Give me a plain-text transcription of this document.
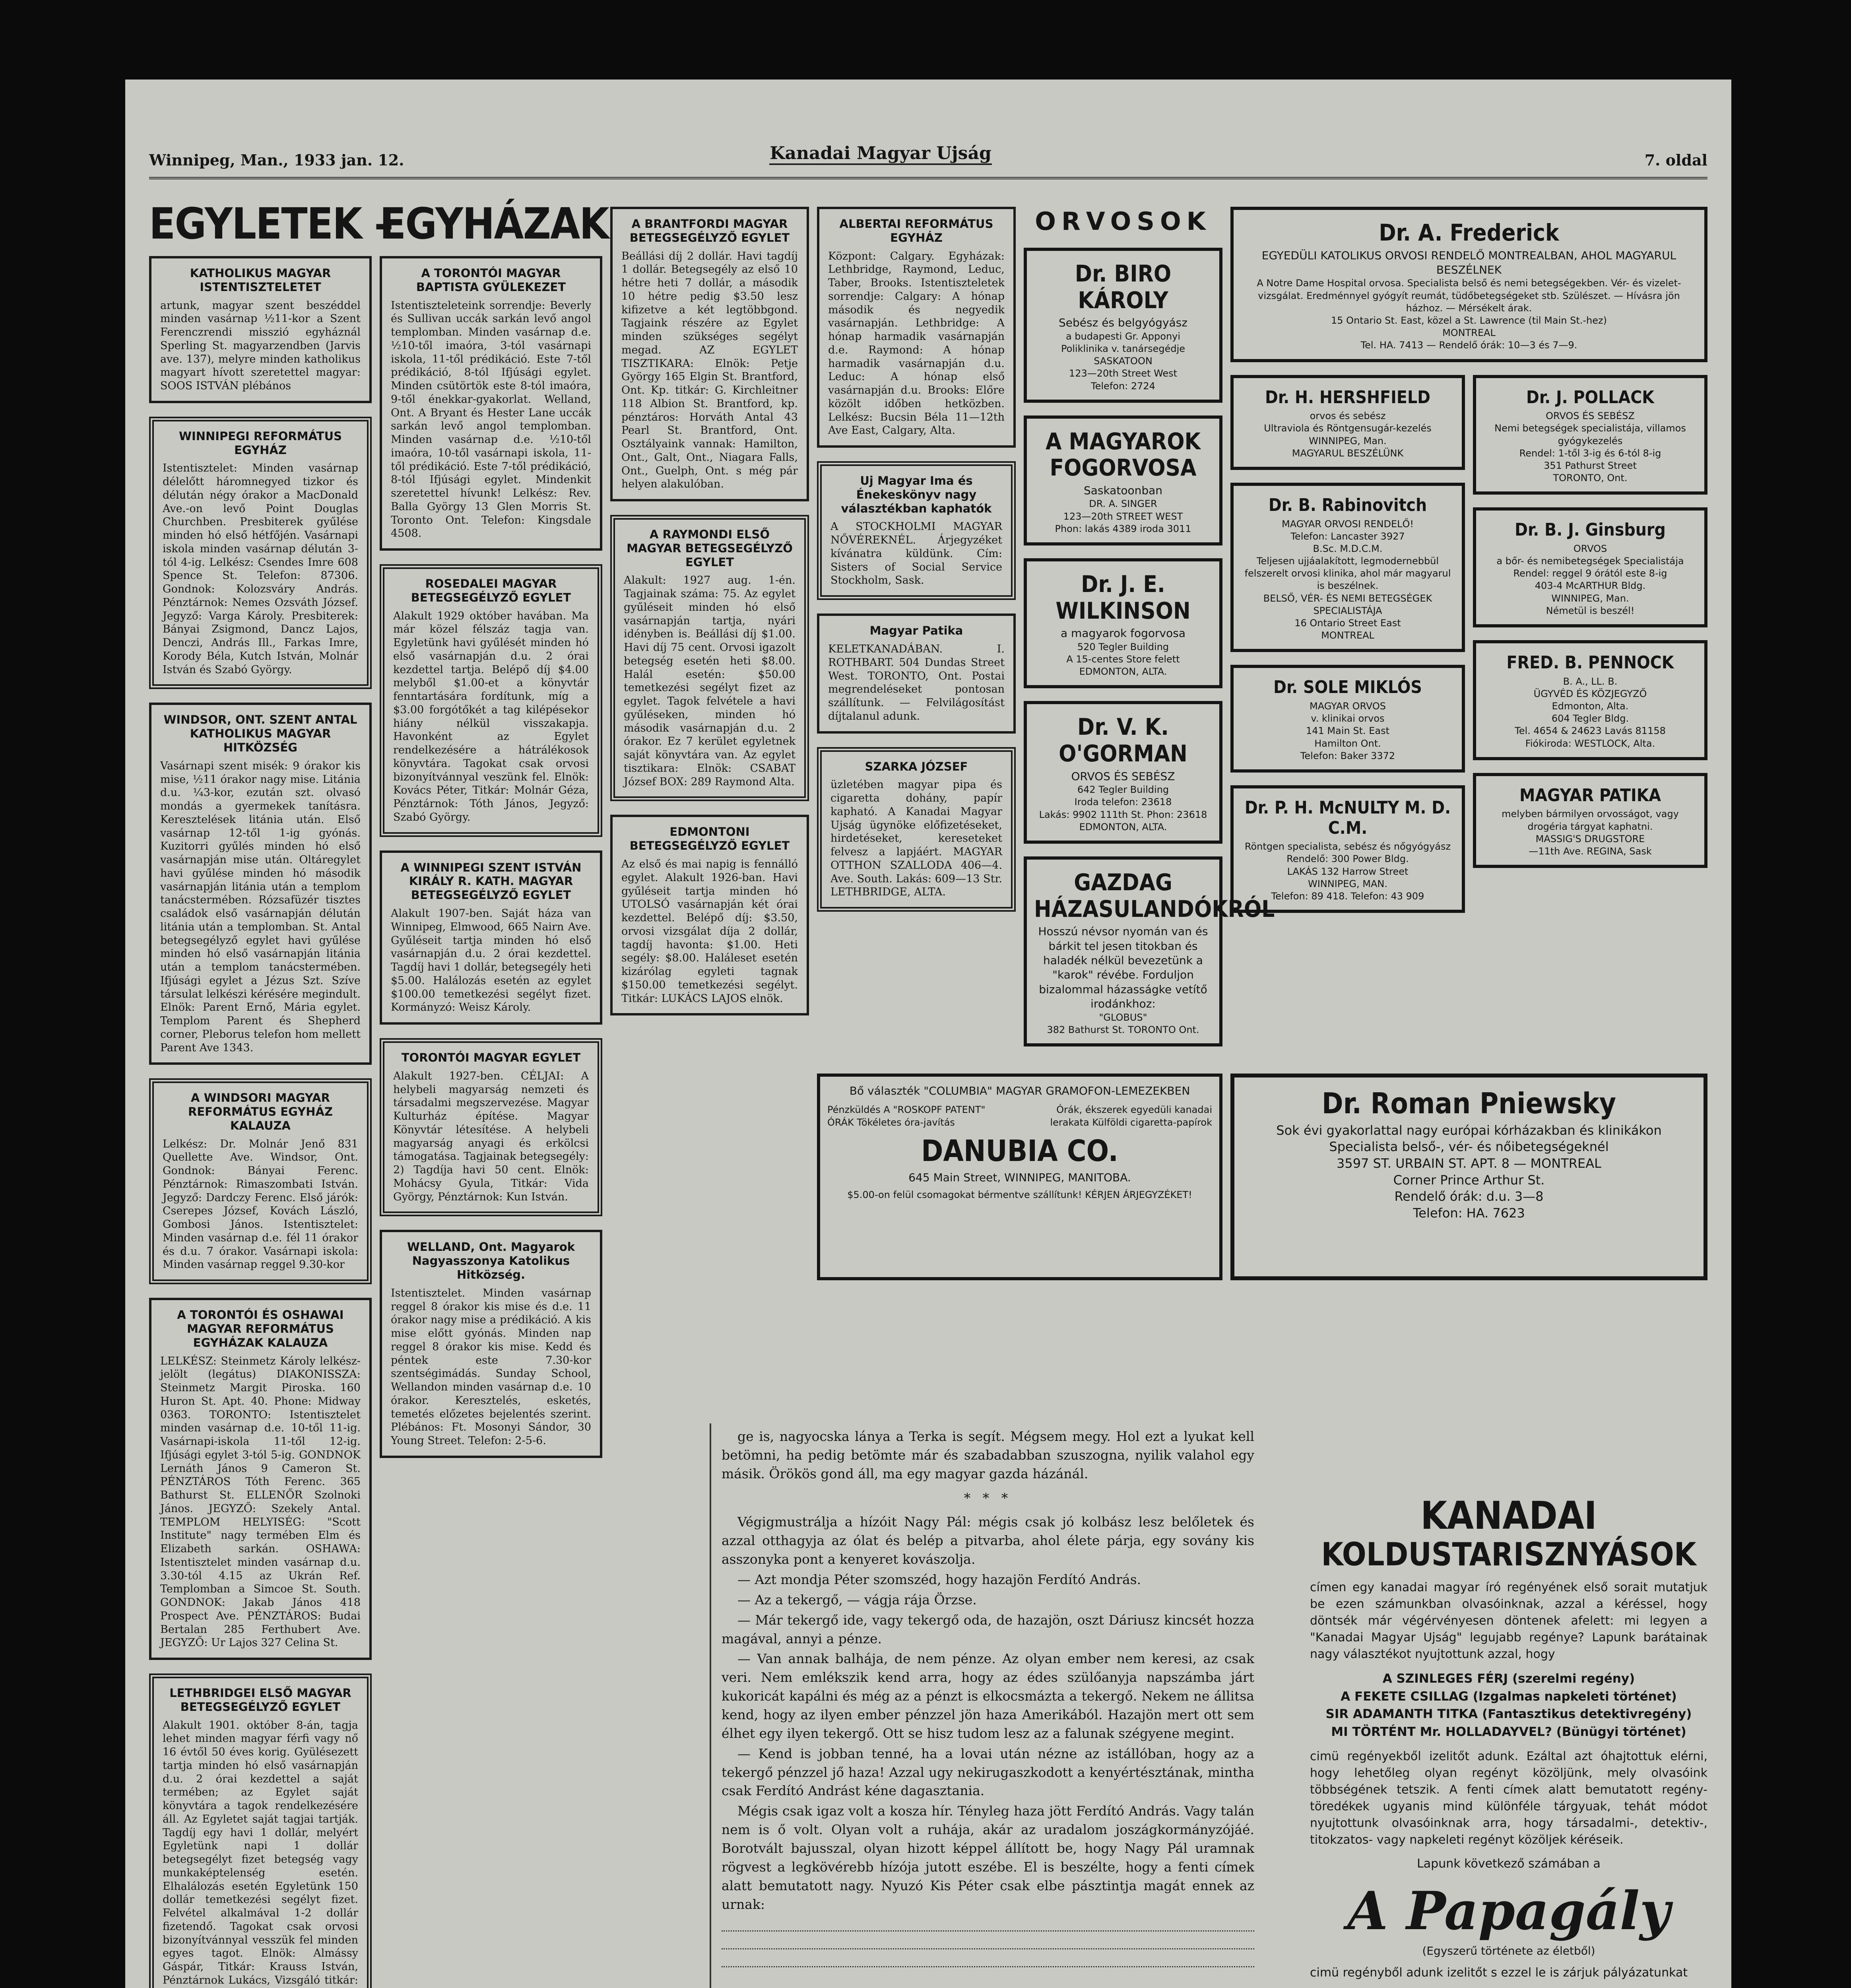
Winnipeg, Man., 1933 jan. 12.	Kanadai Magyar Ujság	7. oldal
EGYLETEK –
KATHOLIKUS MAGYAR ISTENTISZTELETET

artunk, magyar szent beszéddel minden vasárnap ½11-kor a Szent Ferenczrendi misszió egyháznál Sperling St. magyarzendben (Jarvis ave. 137), melyre minden katholikus magyart hívott szeretettel magyar: SOOS ISTVÁN plébános

WINNIPEGI REFORMÁTUS EGYHÁZ

Istentisztelet: Minden vasárnap délelőtt háromnegyed tizkor és délután négy órakor a MacDonald Ave.-on levő Point Douglas Churchben. Presbiterek gyűlése minden hó első hétfőjén. Vasárnapi iskola minden vasárnap délután 3-tól 4-ig. Lelkész: Csendes Imre 608 Spence St. Telefon: 87306. Gondnok: Kolozsváry András. Pénztárnok: Nemes Ozsváth József. Jegyző: Varga Károly. Presbiterek: Bányai Zsigmond, Dancz Lajos, Denczi, András Ill., Farkas Imre, Korody Béla, Kutch István, Molnár István és Szabó György.

WINDSOR, ONT. SZENT ANTAL KATHOLIKUS MAGYAR HITKÖZSÉG

Vasárnapi szent misék: 9 órakor kis mise, ½11 órakor nagy mise. Litánia d.u. ¼3-kor, ezután szt. olvasó mondás a gyermekek tanításra. Keresztelések litánia után. Első vasárnap 12-től 1-ig gyónás. Kuzitorri gyűlés minden hó első vasárnapján mise után. Oltáregylet havi gyűlése minden hó második vasárnapján litánia után a templom tanácstermében. Rózsafüzér tisztes családok első vasárnapján délután litánia után a templomban. St. Antal betegsegélyző egylet havi gyűlése minden hó első vasárnapján litánia után a templom tanácstermében. Ifjúsági egylet a Jézus Szt. Szíve társulat lelkészi kérésére megindult. Elnök: Parent Ernő, Mária egylet. Templom Parent és Shepherd corner, Pleborus telefon hom mellett Parent Ave 1343.

A WINDSORI MAGYAR REFORMÁTUS EGYHÁZ KALAUZA

Lelkész: Dr. Molnár Jenő 831 Quellette Ave. Windsor, Ont. Gondnok: Bányai Ferenc. Pénztárnok: Rimaszombati István. Jegyző: Dardczy Ferenc. Első járók: Cserepes József, Kovách László, Gombosi János. Istentisztelet: Minden vasárnap d.e. fél 11 órakor és d.u. 7 órakor. Vasárnapi iskola: Minden vasárnap reggel 9.30-kor

A TORONTÓI ÉS OSHAWAI MAGYAR REFORMÁTUS EGYHÁZAK KALAUZA

LELKÉSZ: Steinmetz Károly lelkész-jelölt (legátus) DIAKONISSZA: Steinmetz Margit Piroska. 160 Huron St. Apt. 40. Phone: Midway 0363. TORONTO: Istentisztelet minden vasárnap d.e. 10-től 11-ig. Vasárnapi-iskola 11-től 12-ig. Ifjúsági egylet 3-tól 5-ig. GONDNOK Lernáth János 9 Cameron St. PÉNZTÁROS Tóth Ferenc. 365 Bathurst St. ELLENŐR Szolnoki János. JEGYZŐ: Szekely Antal. TEMPLOM HELYISÉG: "Scott Institute" nagy termében Elm és Elizabeth sarkán. OSHAWA: Istentisztelet minden vasárnap d.u. 3.30-tól 4.15 az Ukrán Ref. Templomban a Simcoe St. South. GONDNOK: Jakab János 418 Prospect Ave. PÉNZTÁROS: Budai Bertalan 285 Ferthubert Ave. JEGYZŐ: Ur Lajos 327 Celina St.

LETHBRIDGEI ELSŐ MAGYAR BETEGSEGÉLYZŐ EGYLET

Alakult 1901. október 8-án, tagja lehet minden magyar férfi vagy nő 16 évtől 50 éves korig. Gyülésezett tartja minden hó első vasárnapján d.u. 2 órai kezdettel a saját termében; az Egylet saját könyvtára a tagok rendelkezésére áll. Az Egyletet saját tagjai tartják. Tagdíj egy havi 1 dollár, melyért Egyletünk napi 1 dollár betegsegélyt fizet betegség vagy munkaképtelenség esetén. Elhalálozás esetén Egyletünk 150 dollár temetkezési segélyt fizet. Felvétel alkalmával 1-2 dollár fizetendő. Tagokat csak orvosi bizonyítvánnyal vesszük fel minden egyes tagot. Elnök: Almássy Gáspár, Titkár: Krauss István, Pénztárnok Lukács, Vizsgáló titkár:

EGYHÁZAK
A TORONTÓI MAGYAR BAPTISTA GYÜLEKEZET

Istentiszteleteink sorrendje: Beverly és Sullivan uccák sarkán levő angol templomban. Minden vasárnap d.e. ½10-től imaóra, 3-tól vasárnapi iskola, 11-től prédikáció. Este 7-től prédikáció, 8-tól Ifjúsági egylet. Minden csütörtök este 8-tól imaóra, 9-től énekkar-gyakorlat. Welland, Ont. A Bryant és Hester Lane uccák sarkán levő angol templomban. Minden vasárnap d.e. ½10-től imaóra, 10-től vasárnapi iskola, 11-től prédikáció. Este 7-től prédikáció, 8-tól Ifjúsági egylet. Mindenkit szeretettel hívunk! Lelkész: Rev. Balla György 13 Glen Morris St. Toronto Ont. Telefon: Kingsdale 4508.

ROSEDALEI MAGYAR BETEGSEGÉLYZŐ EGYLET

Alakult 1929 október havában. Ma már közel félszáz tagja van. Egyletünk havi gyűlését minden hó első vasárnapján d.u. 2 órai kezdettel tartja. Belépő díj $4.00 melyből $1.00-et a könyvtár fenntartására fordítunk, míg a $3.00 forgótőkét a tag kilépésekor hiány nélkül visszakapja. Havonként az Egylet rendelkezésére a hátrálékosok könyvtára. Tagokat csak orvosi bizonyítvánnyal veszünk fel. Elnök: Kovács Péter, Titkár: Molnár Géza, Pénztárnok: Tóth János, Jegyző: Szabó György.

A WINNIPEGI SZENT ISTVÁN KIRÁLY R. KATH. MAGYAR BETEGSEGÉLYZŐ EGYLET

Alakult 1907-ben. Saját háza van Winnipeg, Elmwood, 665 Nairn Ave. Gyűléseit tartja minden hó első vasárnapján d.u. 2 órai kezdettel. Tagdíj havi 1 dollár, betegsegély heti $5.00. Halálozás esetén az egylet $100.00 temetkezési segélyt fizet. Kormányzó: Weisz Károly.

TORONTÓI MAGYAR EGYLET

Alakult 1927-ben. CÉLJAI: A helybeli magyarság nemzeti és társadalmi megszervezése. Magyar Kulturház építése. Magyar Könyvtár létesítése. A helybeli magyarság anyagi és erkölcsi támogatása. Tagjainak betegsegély: 2) Tagdíja havi 50 cent. Elnök: Mohácsy Gyula, Titkár: Vida György, Pénztárnok: Kun István.

WELLAND, Ont. Magyarok Nagyasszonya Katolikus Hitközség.

Istentisztelet. Minden vasárnap reggel 8 órakor kis mise és d.e. 11 órakor nagy mise a prédikáció. A kis mise előtt gyónás. Minden nap reggel 8 órakor kis mise. Kedd és péntek este 7.30-kor szentségimádás. Sunday School, Wellandon minden vasárnap d.e. 10 órakor. Keresztelés, esketés, temetés előzetes bejelentés szerint. Plébános: Ft. Mosonyi Sándor, 30 Young Street. Telefon: 2-5-6.

A BRANTFORDI MAGYAR BETEGSEGÉLYZŐ EGYLET

Beállási díj 2 dollár. Havi tagdíj 1 dollár. Betegsegély az első 10 hétre heti 7 dollár, a második 10 hétre pedig $3.50 lesz kifizetve a két legtöbbgond. Tagjaink részére az Egylet minden szükséges segélyt megad. AZ EGYLET TISZTIKARA: Elnök: Petje György 165 Elgin St. Brantford, Ont. Kp. titkár: G. Kirchleitner 118 Albion St. Brantford, kp. pénztáros: Horváth Antal 43 Pearl St. Brantford, Ont. Osztályaink vannak: Hamilton, Ont., Galt, Ont., Niagara Falls, Ont., Guelph, Ont. s még pár helyen alakulóban.

A RAYMONDI ELSŐ MAGYAR BETEGSEGÉLYZŐ EGYLET

Alakult: 1927 aug. 1-én. Tagjainak száma: 75. Az egylet gyűléseit minden hó első vasárnapján tartja, nyári idényben is. Beállási díj $1.00. Havi díj 75 cent. Orvosi igazolt betegség esetén heti $8.00. Halál esetén: $50.00 temetkezési segélyt fizet az egylet. Tagok felvétele a havi gyűléseken, minden hó második vasárnapján d.u. 2 órakor. Ez 7 kerület egyletnek saját könyvtára van. Az egylet tisztikara: Elnök: CSABAT József BOX: 289 Raymond Alta.

EDMONTONI BETEGSEGÉLYZŐ EGYLET

Az első és mai napig is fennálló egylet. Alakult 1926-ban. Havi gyűléseit tartja minden hó UTOLSÓ vasárnapján két órai kezdettel. Belépő díj: $3.50, orvosi vizsgálat díja 2 dollár, tagdíj havonta: $1.00. Heti segély: $8.00. Haláleset esetén kizárólag egyleti tagnak $150.00 temetkezési segélyt. Titkár: LUKÁCS LAJOS elnök.

ALBERTAI REFORMÁTUS EGYHÁZ

Központ: Calgary. Egyházak: Lethbridge, Raymond, Leduc, Taber, Brooks. Istentiszteletek sorrendje: Calgary: A hónap második és negyedik vasárnapján. Lethbridge: A hónap harmadik vasárnapján d.e. Raymond: A hónap harmadik vasárnapján d.u. Leduc: A hónap első vasárnapján d.u. Brooks: Előre közölt időben hetközben. Lelkész: Bucsin Béla 11—12th Ave East, Calgary, Alta.

Uj Magyar Ima és Énekeskönyv nagy választékban kaphatók

A STOCKHOLMI MAGYAR NŐVÉREKNÉL. Árjegyzéket kívánatra küldünk. Cím: Sisters of Social Service Stockholm, Sask.

Magyar Patika

KELETKANADÁBAN. I. ROTHBART. 504 Dundas Street West. TORONTO, Ont. Postai megrendeléseket pontosan szállítunk. — Felvilágosítást díjtalanul adunk.

SZARKA JÓZSEF

üzletében magyar pipa és cigaretta dohány, papír kapható. A Kanadai Magyar Ujság ügynöke előfizetéseket, hirdetéseket, kereseteket felvesz a lapjáért. MAGYAR OTTHON SZALLODA 406—4. Ave. South. Lakás: 609—13 Str. LETHBRIDGE, ALTA.

ORVOSOK
Dr. BIRO KÁROLY
Sebész és belgyógyász
a budapesti Gr. Apponyi
Poliklinika v. tanársegédje
SASKATOON
123—20th Street West
Telefon: 2724
A MAGYAROK FOGORVOSA
Saskatoonban
DR. A. SINGER
123—20th STREET WEST
Phon: lakás 4389 iroda 3011
Dr. J. E. WILKINSON
a magyarok fogorvosa
520 Tegler Building
A 15-centes Store felett
EDMONTON, ALTA.
Dr. V. K. O'GORMAN
ORVOS ÉS SEBÉSZ
642 Tegler Building
Iroda telefon: 23618
Lakás: 9902 111th St. Phon: 23618
EDMONTON, ALTA.
GAZDAG HÁZASULANDÓKRÓL
Hosszú névsor nyomán van és bárkit tel jesen titokban és haladék nélkül bevezetünk a "karok" révébe. Forduljon bizalommal házasságke vetítő irodánkhoz:
"GLOBUS"
382 Bathurst St. TORONTO Ont.
Dr. A. Frederick
EGYEDÜLI KATOLIKUS ORVOSI RENDELŐ MONTREALBAN, AHOL MAGYARUL BESZÉLNEK
A Notre Dame Hospital orvosa. Specialista belső és nemi betegségekben. Vér- és vizelet-vizsgálat. Eredménnyel gyógyít reumát, tüdőbetegségeket stb. Szülészet. — Hívásra jön házhoz. — Mérsékelt árak.
15 Ontario St. East, közel a St. Lawrence (til Main St.-hez)
MONTREAL
Tel. HA. 7413 — Rendelő órák: 10—3 és 7—9.
Dr. H. HERSHFIELD
orvos és sebész
Ultraviola és Röntgensugár-kezelés
WINNIPEG, Man.
MAGYARUL BESZÉLÜNK
Dr. B. Rabinovitch
MAGYAR ORVOSI RENDELŐ!
Telefon: Lancaster 3927
B.Sc. M.D.C.M.
Teljesen ujjáalakított, legmodernebbül felszerelt orvosi klinika, ahol már magyarul is beszélnek.
BELSŐ, VÉR- ÉS NEMI BETEGSÉGEK SPECIALISTÁJA
16 Ontario Street East
MONTREAL
Dr. SOLE MIKLÓS
MAGYAR ORVOS
v. klinikai orvos
141 Main St. East
Hamilton Ont.
Telefon: Baker 3372
Dr. P. H. McNULTY M. D. C.M.
Röntgen specialista, sebész és nőgyógyász
Rendelő: 300 Power Bldg.
LAKÁS 132 Harrow Street
WINNIPEG, MAN.
Telefon: 89 418. Telefon: 43 909
Dr. J. POLLACK
ORVOS ÉS SEBÉSZ
Nemi betegségek specialistája, villamos gyógykezelés
Rendel: 1-től 3-ig és 6-tól 8-ig
351 Pathurst Street
TORONTO, Ont.
Dr. B. J. Ginsburg
ORVOS
a bőr- és nemibetegségek Specialistája
Rendel: reggel 9 órától este 8-ig
403-4 McARTHUR Bldg.
WINNIPEG, Man.
Németül is beszél!
FRED. B. PENNOCK
B. A., LL. B.
ÜGYVÉD ÉS KÖZJEGYZŐ
Edmonton, Alta.
604 Tegler Bldg.
Tel. 4654 & 24623 Lavás 81158
Fiókiroda: WESTLOCK, Alta.
MAGYAR PATIKA
melyben bármilyen orvosságot, vagy drogéria tárgyat kaphatni.
MASSIG'S DRUGSTORE
—11th Ave. REGINA, Sask
Bő választék "COLUMBIA" MAGYAR GRAMOFON-LEMEZEKBEN
Pénzküldés A "ROSKOPF PATENT" ÓRÁK Tökéletes óra-javítás
Órák, ékszerek egyedüli kanadai lerakata Külföldi cigaretta-papírok
DANUBIA CO.
645 Main Street, WINNIPEG, MANITOBA.
$5.00-on felül csomagokat bérmentve szállítunk! KÉRJEN ÁRJEGYZÉKET!
Dr. Roman Pniewsky
Sok évi gyakorlattal nagy európai kórházakban és klinikákon
Specialista belső-, vér- és nőibetegségeknél
3597 ST. URBAIN ST. APT. 8 — MONTREAL
Corner Prince Arthur St.
Rendelő órák: d.u. 3—8
Telefon: HA. 7623

ge is, nagyocska lánya a Terka is segít. Mégsem megy. Hol ezt a lyukat kell betömni, ha pedig betömte már és szabadabban szuszogna, nyilik valahol egy másik. Örökös gond áll, ma egy magyar gazda házánál.

* * *

Végigmustrálja a hízóit Nagy Pál: mégis csak jó kolbász lesz belőletek és azzal otthagyja az ólat és belép a pitvarba, ahol élete párja, egy sovány kis asszonyka pont a kenyeret kovászolja.

— Azt mondja Péter szomszéd, hogy hazajön Ferdító András.

— Az a tekergő, — vágja rája Örzse.

— Már tekergő ide, vagy tekergő oda, de hazajön, oszt Dáriusz kincsét hozza magával, annyi a pénze.

— Van annak balhája, de nem pénze. Az olyan ember nem keresi, az csak veri. Nem emlékszik kend arra, hogy az édes szülőanyja napszámba járt kukoricát kapálni és még az a pénzt is elkocsmázta a tekergő. Nekem ne állitsa kend, hogy az ilyen ember pénzzel jön haza Amerikából. Hazajön mert ott sem élhet egy ilyen tekergő. Ott se hisz tudom lesz az a falunak szégyene megint.

— Kend is jobban tenné, ha a lovai után nézne az istállóban, hogy az a tekergő pénzzel jő haza! Azzal ugy nekirugaszkodott a kenyértésztának, mintha csak Ferdító Andrást kéne dagasztania.

Mégis csak igaz volt a kosza hír. Tényleg haza jött Ferdító András. Vagy talán nem is ő volt. Olyan volt a ruhája, akár az uradalom joszágkormányzójáé. Borotvált bajusszal, olyan hizott képpel állított be, hogy Nagy Pál uramnak rögvest a legkövérebb hízója jutott eszébe. El is beszélte, hogy a fenti címek alatt bemutatott nagy. Nyuzó Kis Péter csak elbe pásztintja magát ennek az urnak:

KANADAI
KOLDUSTARISZNYÁSOK

címen egy kanadai magyar író regényének első sorait mutatjuk be ezen számunkban olvasóinknak, azzal a kéréssel, hogy döntsék már végérvényesen döntenek afelett: mi legyen a "Kanadai Magyar Ujság" legujabb regénye? Lapunk barátainak nagy választékot nyujtottunk azzal, hogy

A SZINLEGES FÉRJ (szerelmi regény)
A FEKETE CSILLAG (Izgalmas napkeleti történet)
SIR ADAMANTH TITKA (Fantasztikus detektivregény)
MI TÖRTÉNT Mr. HOLLADAYVEL? (Bünügyi történet)

cimü regényekből izelitőt adunk. Ezáltal azt óhajtottuk elérni, hogy lehetőleg olyan regényt közöljünk, mely olvasóink többségének tetszik. A fenti címek alatt bemutatott regény-töredékek ugyanis mind különféle tárgyuak, tehát módot nyujtottunk olvasóinknak arra, hogy társadalmi-, detektiv-, titokzatos- vagy napkeleti regényt közöljek kéréseik.

Lapunk következő számában a

A Papagály
(Egyszerű története az életből)

cimü regényből adunk izelitőt s ezzel le is zárjuk pályázatunkat
